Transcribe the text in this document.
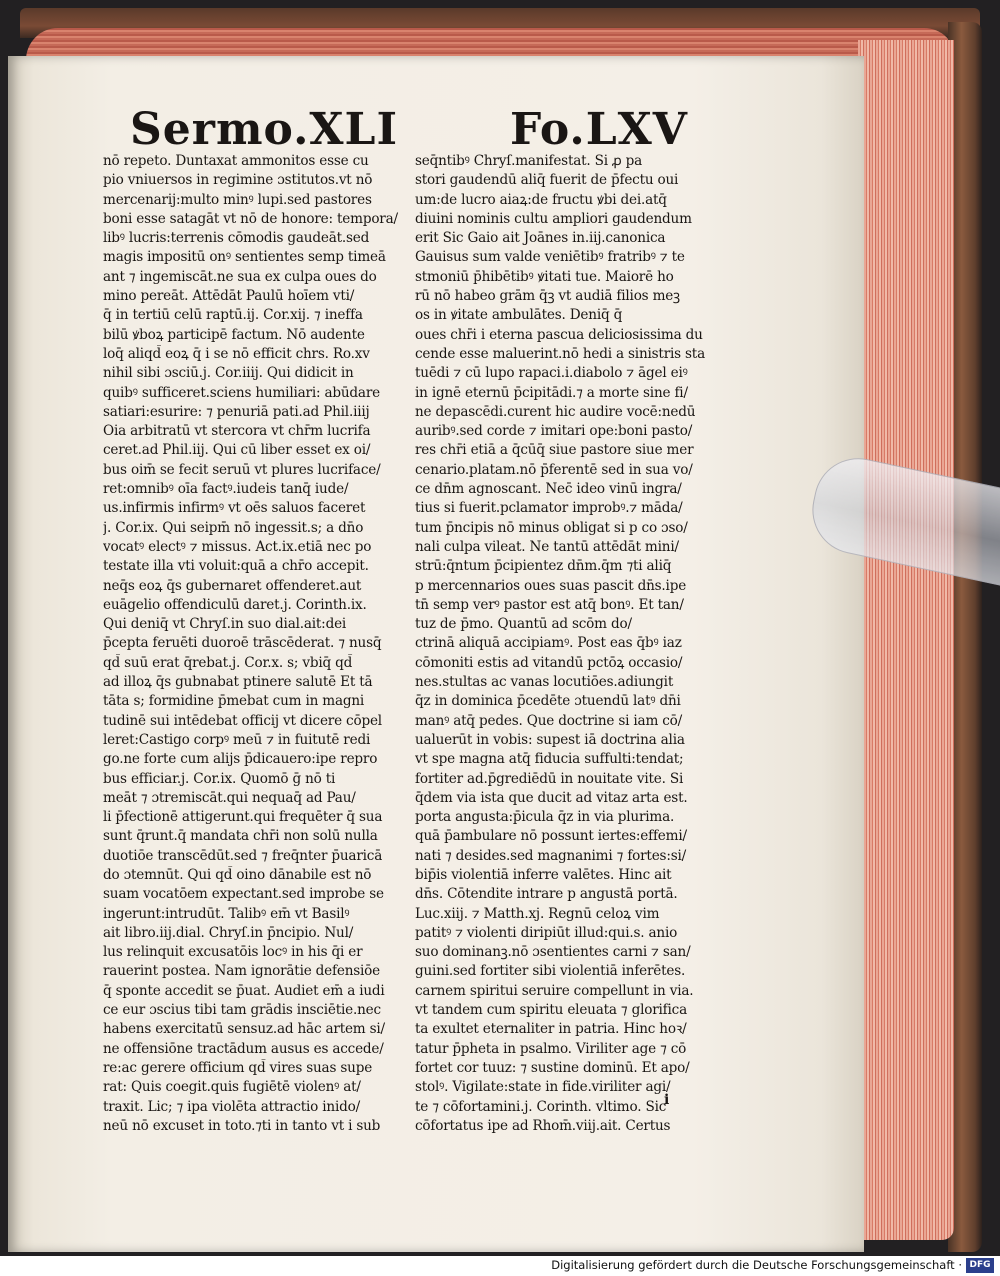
Sermo.XLI	Fo.LXV
nō repeto. Duntaxat ammonitos esse cu
pio vniuersos in regimine ɔstitutos.vt nō
mercenarij:multo minꝰ lupi.sed pastores
boni esse satagāt vt nō de honore: tempora/
libꝰ lucris:terrenis cōmodis gaudeāt.sed
magis impositū onꝰ sentientes semp timeā
ant ⁊ ingemiscāt.ne sua ex culpa oues do
mino pereāt. Attēdāt Paulū hoīem vti/
q̄ in tertiū celū raptū.ij. Cor.xij. ⁊ ineffa
bilū ꝟboꝝ participē factum. Nō audente
loq̄ aliqd̄ eoꝝ q̄ i se nō efficit chrs. Ro.xv
nihil sibi ɔsciū.j. Cor.iiij. Qui didicit in
quibꝰ sufficeret.sciens humiliari: abūdare
satiari:esurire: ⁊ penuriā pati.ad Phil.iiij
Oia arbitratū vt stercora vt chr̄m lucrifa
ceret.ad Phil.iij. Qui cū liber esset ex oi/
bus oim̄ se fecit seruū vt plures lucriface/
ret:omnibꝰ oīa factꝰ.iudeis tanq̄ iude/
us.infirmis infirmꝰ vt oēs saluos faceret
j. Cor.ix. Qui seipm̄ nō ingessit.s; a dn̄o
vocatꝰ electꝰ ⁊ missus. Act.ix.etiā nec po
testate illa vti voluit:quā a chr̄o accepit.
neq̄s eoꝝ q̄s gubernaret offenderet.aut
euāgelio offendiculū daret.j. Corinth.ix.
Qui deniq̄ vt Chryſ.in suo dial.ait:dei
p̄cepta feruēti duoroē trāscēderat. ⁊ nusq̄
qd̄ suū erat q̄rebat.j. Cor.x. s; vbiq̄ qd̄
ad illoꝝ q̄s gubnabat ptinere salutē Et tā
tāta s; formidine p̄mebat cum in magni
tudinē sui intēdebat officij vt dicere cōpel
leret:Castigo corpꝰ meū ⁊ in fuitutē redi
go.ne forte cum alijs p̄dicauero:ipe repro
bus efficiar.j. Cor.ix. Quomō ḡ nō ti
meāt ⁊ ɔtremiscāt.qui nequaq̄ ad Pau/
li p̄fectionē attigerunt.qui frequēter q̄ sua
sunt q̄runt.q̄ mandata chr̄i non solū nulla
duotiōe transcēdūt.sed ⁊ freq̄nter p̄uaricā
do ɔtemnūt. Qui qd̄ oino dānabile est nō
suam vocatōem expectant.sed improbe se
ingerunt:intrudūt. Talibꝰ em̄ vt Basilꝰ
ait libro.iij.dial. Chryſ.in p̄ncipio. Nul/
lus relinquit excusatōis locꝰ in his q̄i er
rauerint postea. Nam ignorātie defensiōe
q̄ sponte accedit se p̄uat. Audiet em̄ a iudi
ce eur ɔscius tibi tam grādis insciētie.nec
habens exercitatū sensuz.ad hāc artem si/
ne offensiōne tractādum ausus es accede/
re:ac gerere officium qd̄ vires suas supe
rat: Quis coegit.quis fugiētē violenꝰ at/
traxit. Lic; ⁊ ipa violēta attractio inido/
neū nō excuset in toto.⁊ti in tanto vt i sub
seq̄ntibꝰ Chryſ.manifestat. Si ꝓ pa
stori gaudendū aliq̄ fuerit de p̄fectu oui
um:de lucro aiaꝝ:de fructu ꝟbi dei.atq̄
diuini nominis cultu ampliori gaudendum
erit Sic Gaio ait Joānes in.iij.canonica
Gauisus sum valde veniētibꝰ fratribꝰ ⁊ te
stmoniū p̄hibētibꝰ ꝟitati tue. Maiorē ho
rū nō habeo grām q̄ꝫ vt audiā filios meꝫ
os in ꝟitate ambulātes. Deniq̄ q̄
oues chr̄i i eterna pascua deliciosissima du
cende esse maluerint.nō hedi a sinistris sta
tuēdi ⁊ cū lupo rapaci.i.diabolo ⁊ āgel eiꝰ
in ignē eternū p̄cipitādi.⁊ a morte sine fi/
ne depascēdi.curent hic audire vocē:nedū
auribꝰ.sed corde ⁊ imitari ope:boni pasto/
res chr̄i etiā a q̄cūq̄ siue pastore siue mer
cenario.platam.nō p̄ferentē sed in sua vo/
ce dn̄m agnoscant. Nec̄ ideo vinū ingra/
tius si fuerit.pclamator improbꝰ.⁊ māda/
tum p̄ncipis nō minus obligat si p co ɔso/
nali culpa vileat. Ne tantū attēdāt mini/
strū:q̄ntum p̄cipientez dn̄m.q̄m ⁊ti aliq̄
p mercennarios oues suas pascit dn̄s.ipe
tn̄ semp verꝰ pastor est atq̄ bonꝰ. Et tan/
tuz de p̄mo. Quantū ad scōm do/
ctrinā aliquā accipiamꝰ. Post eas q̄bꝰ iaz
cōmoniti estis ad vitandū pctōꝝ occasio/
nes.stultas ac vanas locutiōes.adiungit
q̄z in dominica p̄cedēte ɔtuendū latꝰ dn̄i
manꝰ atq̄ pedes. Que doctrine si iam cō/
ualuerūt in vobis: supest iā doctrina alia
vt spe magna atq̄ fiducia suffulti:tendat;
fortiter ad.p̄grediēdū in nouitate vite. Si
q̄dem via ista que ducit ad vitaz arta est.
porta angusta:p̄icula q̄z in via plurima.
quā p̄ambulare nō possunt iertes:effemi/
nati ⁊ desides.sed magnanimi ⁊ fortes:si/
bip̄is violentiā inferre valētes. Hinc ait
dn̄s. Cōtendite intrare p angustā portā.
Luc.xiij. ⁊ Matth.xj. Regnū celoꝝ vim
patitꝰ ⁊ violenti diripiūt illud:qui.s. anio
suo dominanꝫ.nō ɔsentientes carni ⁊ san/
guini.sed fortiter sibi violentiā inferētes.
carnem spiritui seruire compellunt in via.
vt tandem cum spiritu eleuata ⁊ glorifica
ta exultet eternaliter in patria. Hinc hoꝛ/
tatur p̄pheta in psalmo. Viriliter age ⁊ cō
fortet cor tuuz: ⁊ sustine dominū. Et apo/
stolꝰ. Vigilate:state in fide.viriliter agi/
te ⁊ cōfortamini.j. Corinth. vltimo. Sic
cōfortatus ipe ad Rhom̄.viij.ait. Certus
i
Digitalisierung gefördert durch die Deutsche Forschungsgemeinschaft · DFG
